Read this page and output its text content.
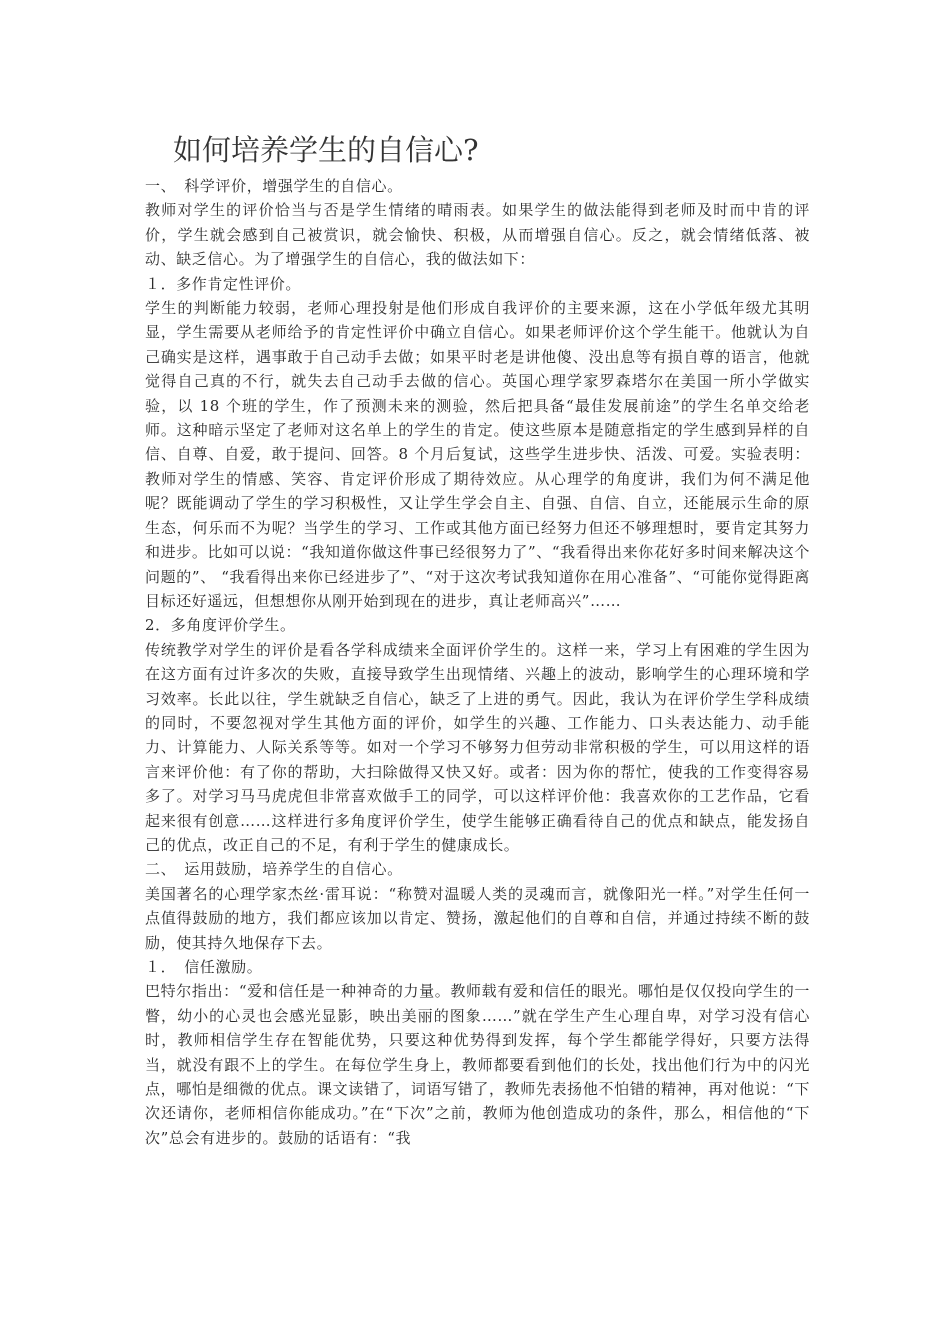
如何培养学生的自信心?

一、　科学评价，增强学生的自信心。

教师对学生的评价恰当与否是学生情绪的晴雨表。如果学生的做法能得到老师及时而中肯的评价，学生就会感到自己被赏识，就会愉快、积极，从而增强自信心。反之，就会情绪低落、被动、缺乏信心。为了增强学生的自信心，我的做法如下：

１．多作肯定性评价。

学生的判断能力较弱，老师心理投射是他们形成自我评价的主要来源，这在小学低年级尤其明显，学生需要从老师给予的肯定性评价中确立自信心。如果老师评价这个学生能干。他就认为自己确实是这样，遇事敢于自己动手去做；如果平时老是讲他傻、没出息等有损自尊的语言，他就觉得自己真的不行，就失去自己动手去做的信心。英国心理学家罗森塔尔在美国一所小学做实验，以 18 个班的学生，作了预测未来的测验，然后把具备“最佳发展前途”的学生名单交给老师。这种暗示坚定了老师对这名单上的学生的肯定。使这些原本是随意指定的学生感到异样的自信、自尊、自爱，敢于提问、回答。8 个月后复试，这些学生进步快、活泼、可爱。实验表明：教师对学生的情感、笑容、肯定评价形成了期待效应。从心理学的角度讲，我们为何不满足他呢？既能调动了学生的学习积极性，又让学生学会自主、自强、自信、自立，还能展示生命的原生态，何乐而不为呢？当学生的学习、工作或其他方面已经努力但还不够理想时，要肯定其努力和进步。比如可以说：“我知道你做这件事已经很努力了”、“我看得出来你花好多时间来解决这个问题的”、 “我看得出来你已经进步了”、“对于这次考试我知道你在用心准备”、“可能你觉得距离目标还好遥远，但想想你从刚开始到现在的进步，真让老师高兴”……

2．多角度评价学生。

传统教学对学生的评价是看各学科成绩来全面评价学生的。这样一来，学习上有困难的学生因为在这方面有过许多次的失败，直接导致学生出现情绪、兴趣上的波动，影响学生的心理环境和学习效率。长此以往，学生就缺乏自信心，缺乏了上进的勇气。因此，我认为在评价学生学科成绩的同时，不要忽视对学生其他方面的评价，如学生的兴趣、工作能力、口头表达能力、动手能力、计算能力、人际关系等等。如对一个学习不够努力但劳动非常积极的学生，可以用这样的语言来评价他：有了你的帮助，大扫除做得又快又好。或者：因为你的帮忙，使我的工作变得容易多了。对学习马马虎虎但非常喜欢做手工的同学，可以这样评价他：我喜欢你的工艺作品，它看起来很有创意……这样进行多角度评价学生，使学生能够正确看待自己的优点和缺点，能发扬自己的优点，改正自己的不足，有利于学生的健康成长。

二、　运用鼓励，培养学生的自信心。

美国著名的心理学家杰丝·雷耳说：“称赞对温暖人类的灵魂而言，就像阳光一样。”对学生任何一点值得鼓励的地方，我们都应该加以肯定、赞扬，激起他们的自尊和自信，并通过持续不断的鼓励，使其持久地保存下去。

１．　信任激励。

巴特尔指出：“爱和信任是一种神奇的力量。教师载有爱和信任的眼光。哪怕是仅仅投向学生的一瞥，幼小的心灵也会感光显影，映出美丽的图象……”就在学生产生心理自卑，对学习没有信心时，教师相信学生存在智能优势，只要这种优势得到发挥，每个学生都能学得好，只要方法得当，就没有跟不上的学生。在每位学生身上，教师都要看到他们的长处，找出他们行为中的闪光点，哪怕是细微的优点。课文读错了，词语写错了，教师先表扬他不怕错的精神，再对他说：“下次还请你，老师相信你能成功。”在“下次”之前，教师为他创造成功的条件，那么，相信他的“下次”总会有进步的。鼓励的话语有：“我
